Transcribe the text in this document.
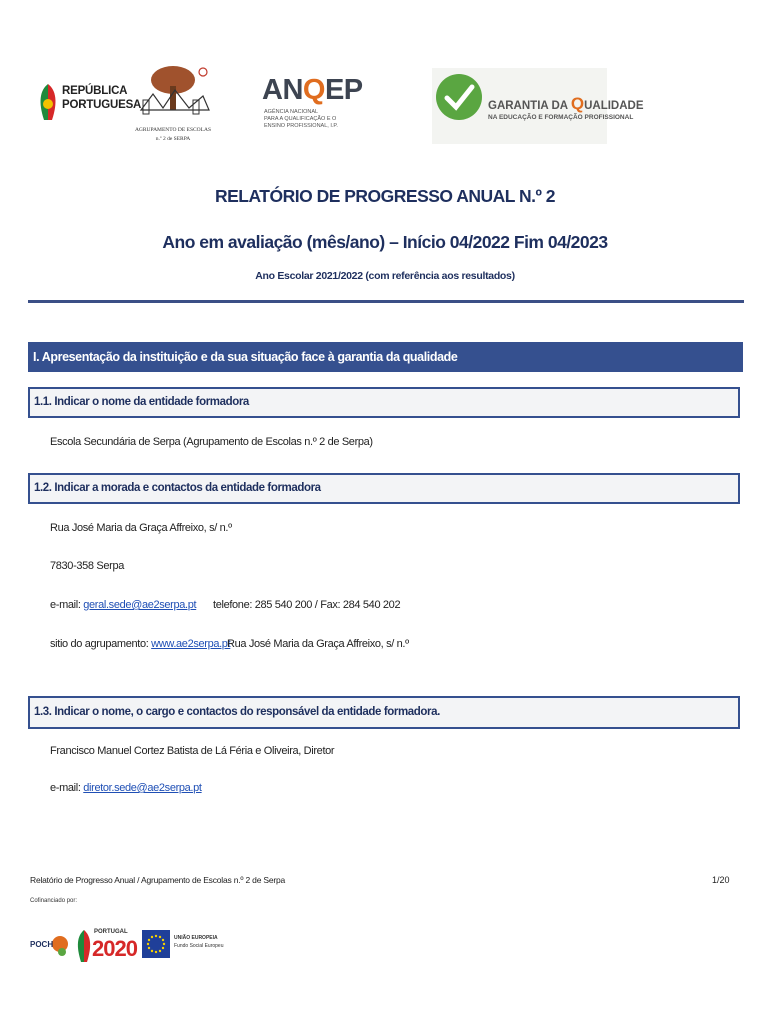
REPÚBLICA
PORTUGUESA
AGRUPAMENTO DE ESCOLAS
n.º 2 de SERPA
ANQEP
AGÊNCIA NACIONAL
PARA A QUALIFICAÇÃO E O
ENSINO PROFISSIONAL, I.P.
GARANTIA DA QUALIDADE
NA EDUCAÇÃO E FORMAÇÃO PROFISSIONAL
RELATÓRIO DE PROGRESSO ANUAL N.º 2
Ano em avaliação (mês/ano) – Início 04/2022 Fim 04/2023
Ano Escolar 2021/2022 (com referência aos resultados)
I. Apresentação da instituição e da sua situação face à garantia da qualidade
1.1. Indicar o nome da entidade formadora
Escola Secundária de Serpa (Agrupamento de Escolas n.º 2 de Serpa)
1.2. Indicar a morada e contactos da entidade formadora
Rua José Maria da Graça Affreixo, s/ n.º
7830-358 Serpa
e-mail: geral.sede@ae2serpa.pt telefone: 285 540 200 / Fax: 284 540 202
sitio do agrupamento: www.ae2serpa.pt
Rua José Maria da Graça Affreixo, s/ n.º
1.3. Indicar o nome, o cargo e contactos do responsável da entidade formadora.
Francisco Manuel Cortez Batista de Lá Féria e Oliveira, Diretor
e-mail: diretor.sede@ae2serpa.pt
Relatório de Progresso Anual / Agrupamento de Escolas n.º 2 de Serpa	1/20
Cofinanciado por:
POCH
PORTUGAL
2020	UNIÃO EUROPEIA
Fundo Social Europeu
